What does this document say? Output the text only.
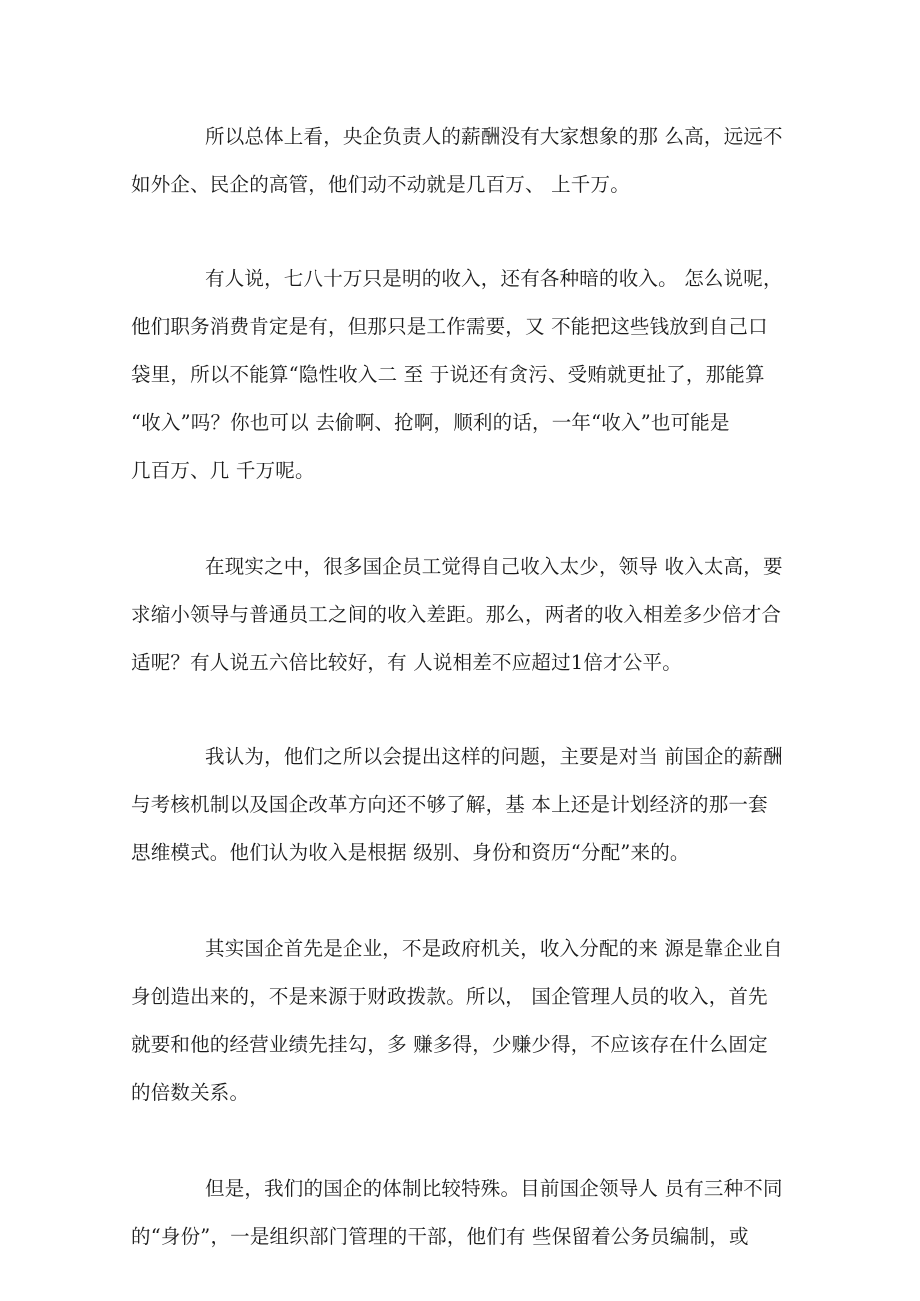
所以总体上看，央企负责人的薪酬没有大家想象的那 么高，远远不
如外企、民企的高管，他们动不动就是几百万、 上千万。
有人说，七八十万只是明的收入，还有各种暗的收入。 怎么说呢，
他们职务消费肯定是有，但那只是工作需要，又 不能把这些钱放到自己口
袋里，所以不能算“隐性收入二 至 于说还有贪污、受贿就更扯了，那能算
“收入”吗？你也可以 去偷啊、抢啊，顺利的话，一年“收入”也可能是
几百万、几 千万呢。
在现实之中，很多国企员工觉得自己收入太少，领导 收入太高，要
求缩小领导与普通员工之间的收入差距。那么，两者的收入相差多少倍才合
适呢？有人说五六倍比较好，有 人说相差不应超过1倍才公平。
我认为，他们之所以会提出这样的问题，主要是对当 前国企的薪酬
与考核机制以及国企改革方向还不够了解，基 本上还是计划经济的那一套
思维模式。他们认为收入是根据 级别、身份和资历“分配”来的。
其实国企首先是企业，不是政府机关，收入分配的来 源是靠企业自
身创造出来的，不是来源于财政拨款。所以， 国企管理人员的收入，首先
就要和他的经营业绩先挂勾，多 赚多得，少赚少得，不应该存在什么固定
的倍数关系。
但是，我们的国企的体制比较特殊。目前国企领导人 员有三种不同
的“身份”，一是组织部门管理的干部，他们有 些保留着公务员编制，或
